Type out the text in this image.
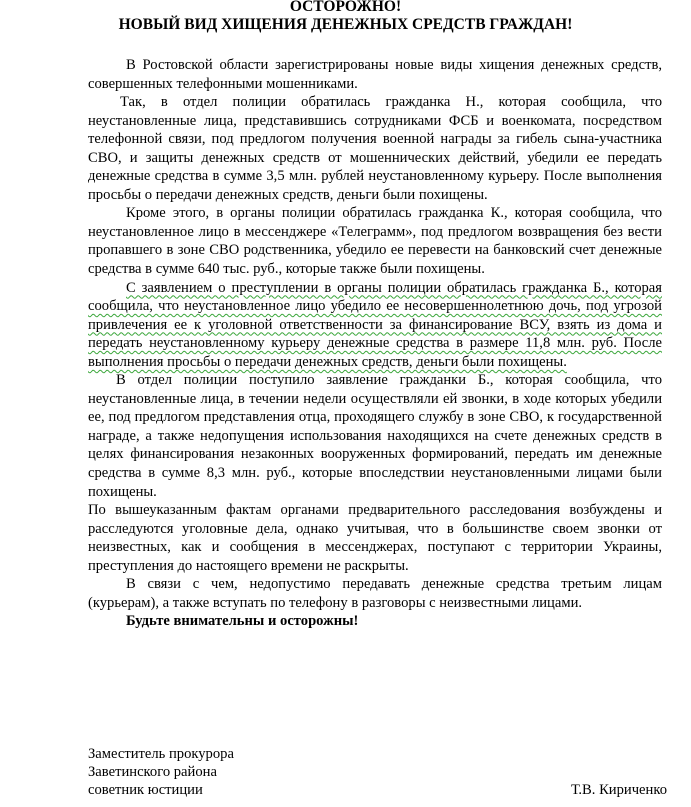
ОСТОРОЖНО!
НОВЫЙ ВИД ХИЩЕНИЯ ДЕНЕЖНЫХ СРЕДСТВ ГРАЖДАН!

В Ростовской области зарегистрированы новые виды хищения денежных средств, совершенных телефонными мошенниками.

Так, в отдел полиции обратилась гражданка Н., которая сообщила, что неустановленные лица, представившись сотрудниками ФСБ и военкомата, посредством телефонной связи, под предлогом получения военной награды за гибель сына-участника СВО, и защиты денежных средств от мошеннических действий, убедили ее передать денежные средства в сумме 3,5 млн. рублей неустановленному курьеру. После выполнения просьбы о передачи денежных средств, деньги были похищены.

Кроме этого, в органы полиции обратилась гражданка К., которая сообщила, что неустановленное лицо в мессенджере «Телеграмм», под предлогом возвращения без вести пропавшего в зоне СВО родственника, убедило ее перевести на банковский счет денежные средства в сумме 640 тыс. руб., которые также были похищены.

С заявлением о преступлении в органы полиции обратилась гражданка Б., которая сообщила, что неустановленное лицо убедило ее несовершеннолетнюю дочь, под угрозой привлечения ее к уголовной ответственности за финансирование ВСУ, взять из дома и передать неустановленному курьеру денежные средства в размере 11,8 млн. руб. После выполнения просьбы о передачи денежных средств, деньги были похищены.

В отдел полиции поступило заявление гражданки Б., которая сообщила, что неустановленные лица, в течении недели осуществляли ей звонки, в ходе которых убедили ее, под предлогом представления отца, проходящего службу в зоне СВО, к государственной награде, а также недопущения использования находящихся на счете денежных средств в целях финансирования незаконных вооруженных формирований, передать им денежные средства в сумме 8,3 млн. руб., которые впоследствии неустановленными лицами были похищены.

По вышеуказанным фактам органами предварительного расследования возбуждены и расследуются уголовные дела, однако учитывая, что в большинстве своем звонки от неизвестных, как и сообщения в мессенджерах, поступают с территории Украины, преступления до настоящего времени не раскрыты.

В связи с чем, недопустимо передавать денежные средства третьим лицам (курьерам), а также вступать по телефону в разговоры с неизвестными лицами.

Будьте внимательны и осторожны!

Заместитель прокурора
Заветинского района
советник юстиции	Т.В. Кириченко
